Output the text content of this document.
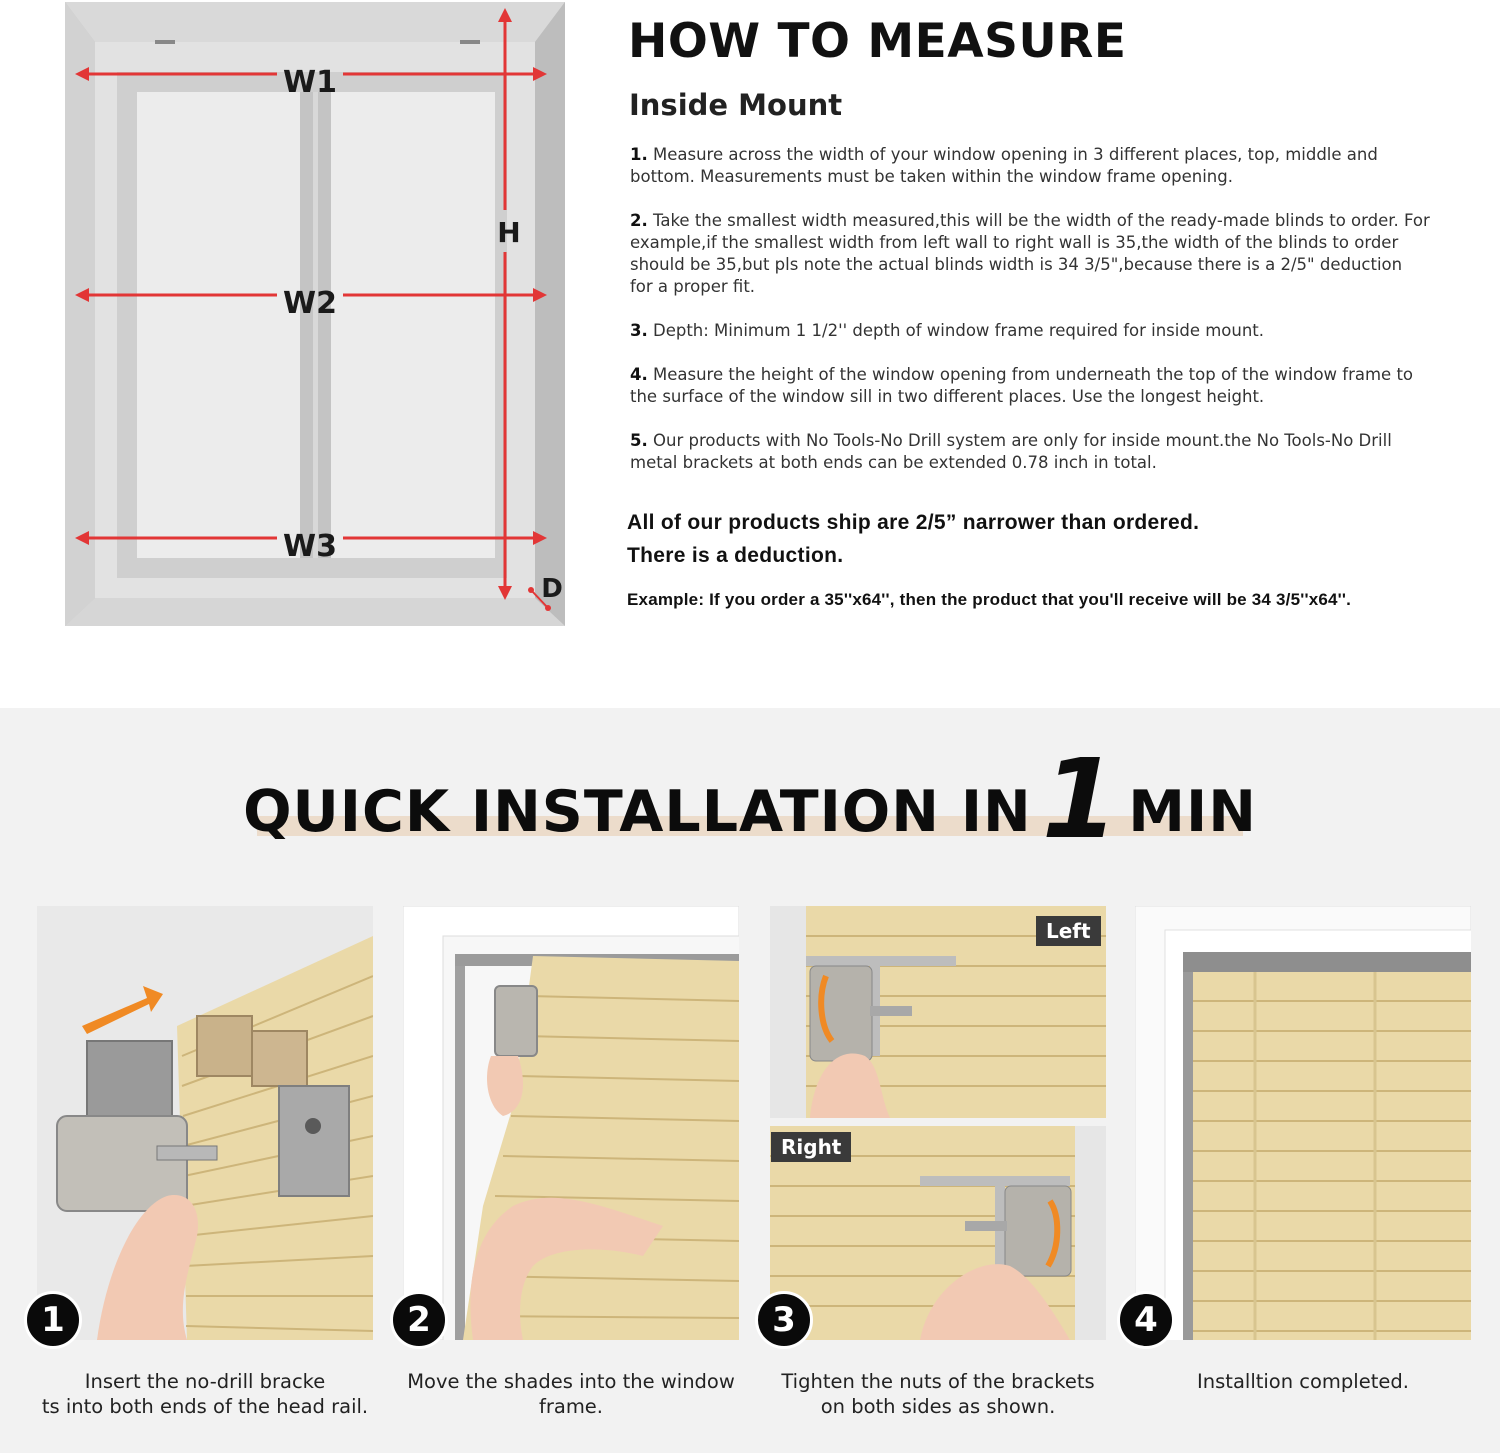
W1
W2
W3
H
D
HOW TO MEASURE
Inside Mount

1. Measure across the width of your window opening in 3 different places, top, middle and bottom. Measurements must be taken within the window frame opening.

2. Take the smallest width measured,this will be the width of the ready-made blinds to order. For example,if the smallest width from left wall to right wall is 35,the width of the blinds to order should be 35,but pls note the actual blinds width is 34 3/5",because there is a 2/5" deduction for a proper fit.

3. Depth: Minimum 1 1/2'' depth of window frame required for inside mount.

4. Measure the height of the window opening from underneath the top of the window frame to the surface of the window sill in two different places. Use the longest height.

5. Our products with No Tools-No Drill system are only for inside mount.the No Tools-No Drill metal brackets at both ends can be extended 0.78 inch in total.

All of our products ship are 2/5” narrower than ordered.
There is a deduction.
Example: If you order a 35''x64'', then the product that you'll receive will be 34 3/5''x64''.
QUICK INSTALLATION IN1 MIN
Left
Right
1	2	3	4
Insert the no-drill bracke
ts into both ends of the head rail.
Move the shades into the window
frame.
Tighten the nuts of the brackets
on both sides as shown.
Installtion completed.
